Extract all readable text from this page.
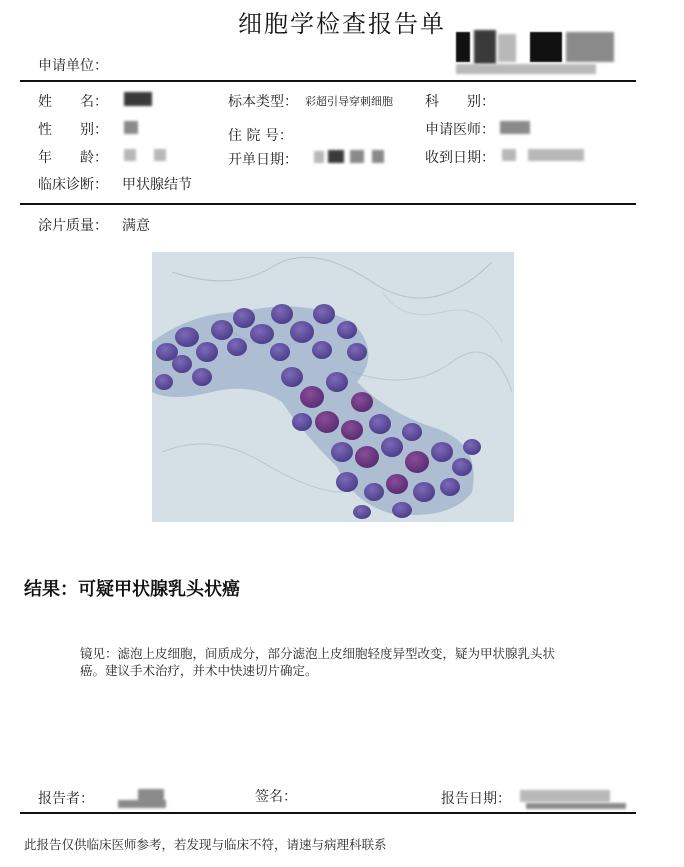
细胞学检查报告单
申请单位：
姓　　名：	标本类型： 彩超引导穿刺细胞 科　　别：
性　　别：	住 院 号：	申请医师：
年　　龄：	开单日期：	收到日期：
临床诊断： 甲状腺结节
涂片质量： 满意
结果：可疑甲状腺乳头状癌
镜见：滤泡上皮细胞，间质成分，部分滤泡上皮细胞轻度异型改变，疑为甲状腺乳头状癌。建议手术治疗，并术中快速切片确定。
报告者：	签名：	报告日期：
此报告仅供临床医师参考，若发现与临床不符，请速与病理科联系
